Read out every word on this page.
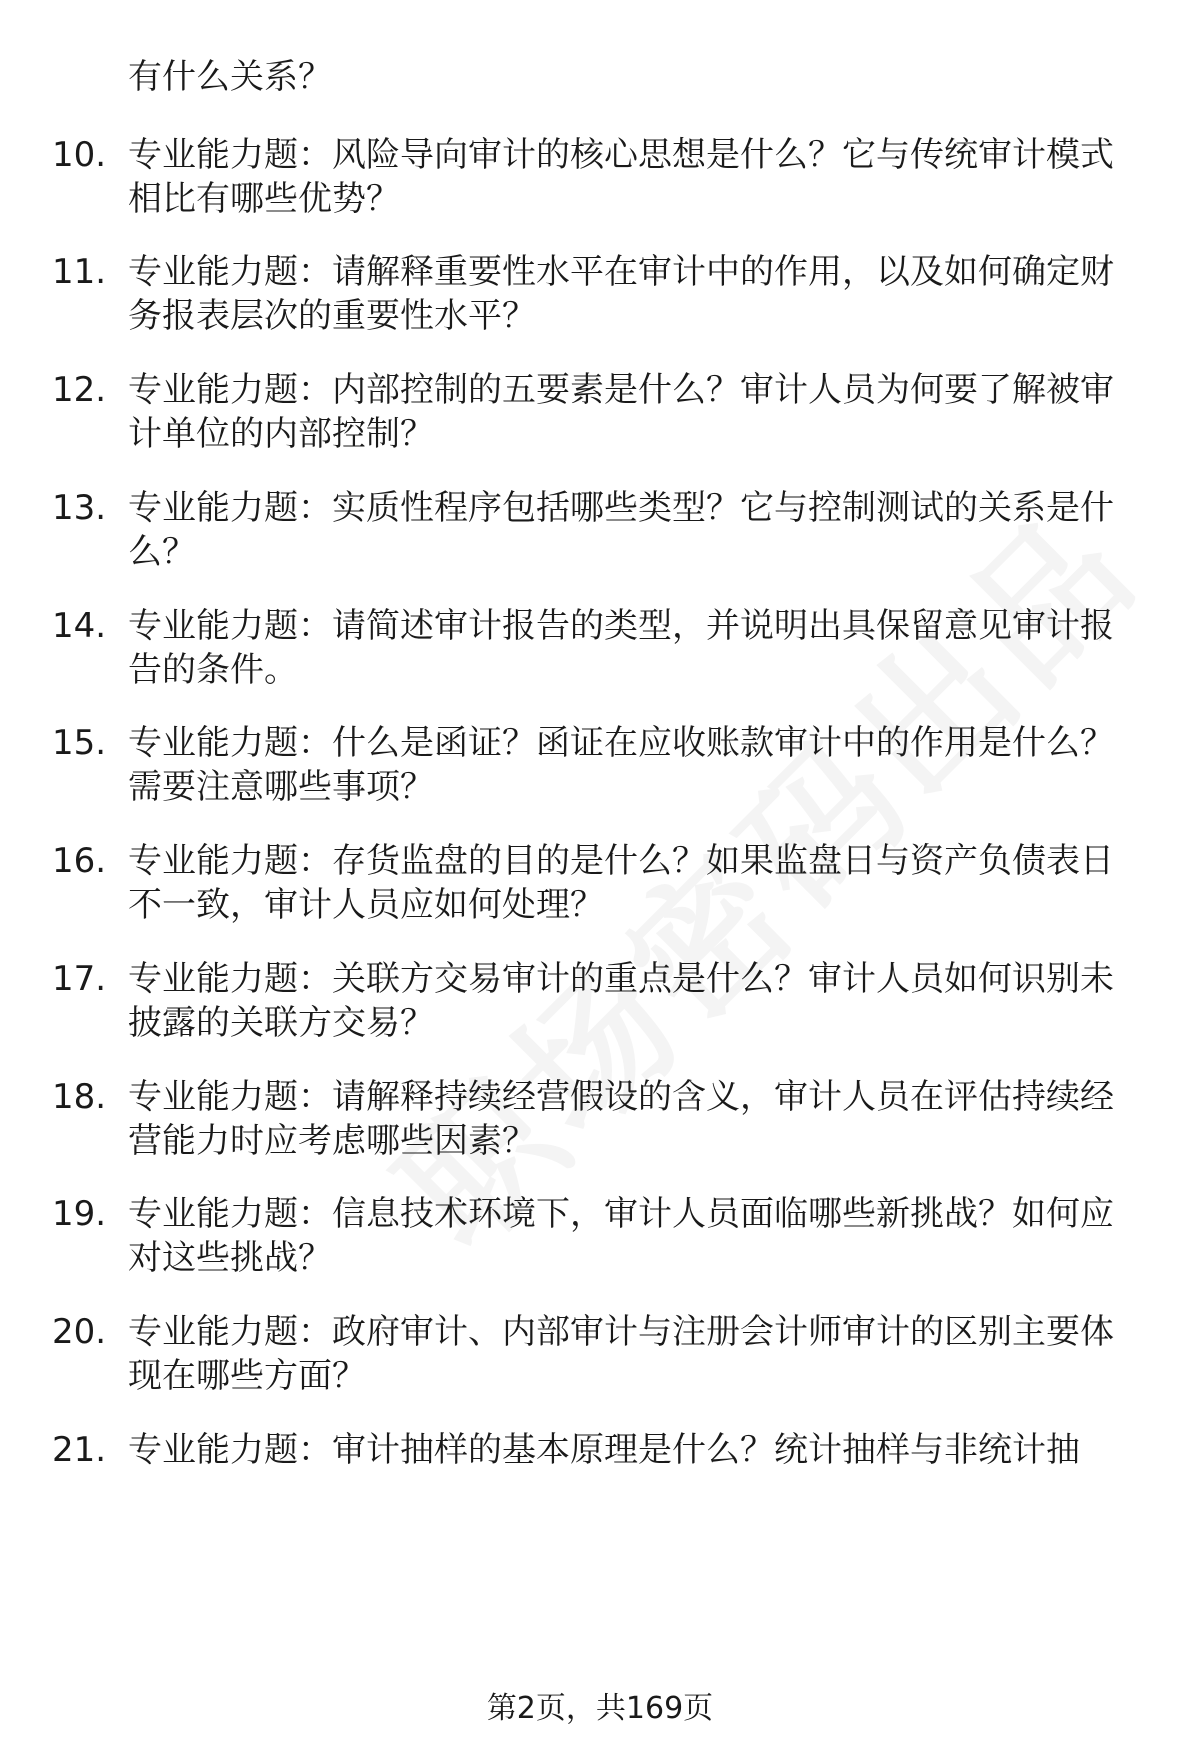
有什么关系？
10. 专业能力题：风险导向审计的核心思想是什么？它与传统审计模式相比有哪些优势？
11. 专业能力题：请解释重要性水平在审计中的作用，以及如何确定财务报表层次的重要性水平？
12. 专业能力题：内部控制的五要素是什么？审计人员为何要了解被审计单位的内部控制？
13. 专业能力题：实质性程序包括哪些类型？它与控制测试的关系是什么？
14. 专业能力题：请简述审计报告的类型，并说明出具保留意见审计报告的条件。
15. 专业能力题：什么是函证？函证在应收账款审计中的作用是什么？需要注意哪些事项？
16. 专业能力题：存货监盘的目的是什么？如果监盘日与资产负债表日不一致，审计人员应如何处理？
17. 专业能力题：关联方交易审计的重点是什么？审计人员如何识别未披露的关联方交易？
18. 专业能力题：请解释持续经营假设的含义，审计人员在评估持续经营能力时应考虑哪些因素？
19. 专业能力题：信息技术环境下，审计人员面临哪些新挑战？如何应对这些挑战？
20. 专业能力题：政府审计、内部审计与注册会计师审计的区别主要体现在哪些方面？
21. 专业能力题：审计抽样的基本原理是什么？统计抽样与非统计抽
第2页，共169页
